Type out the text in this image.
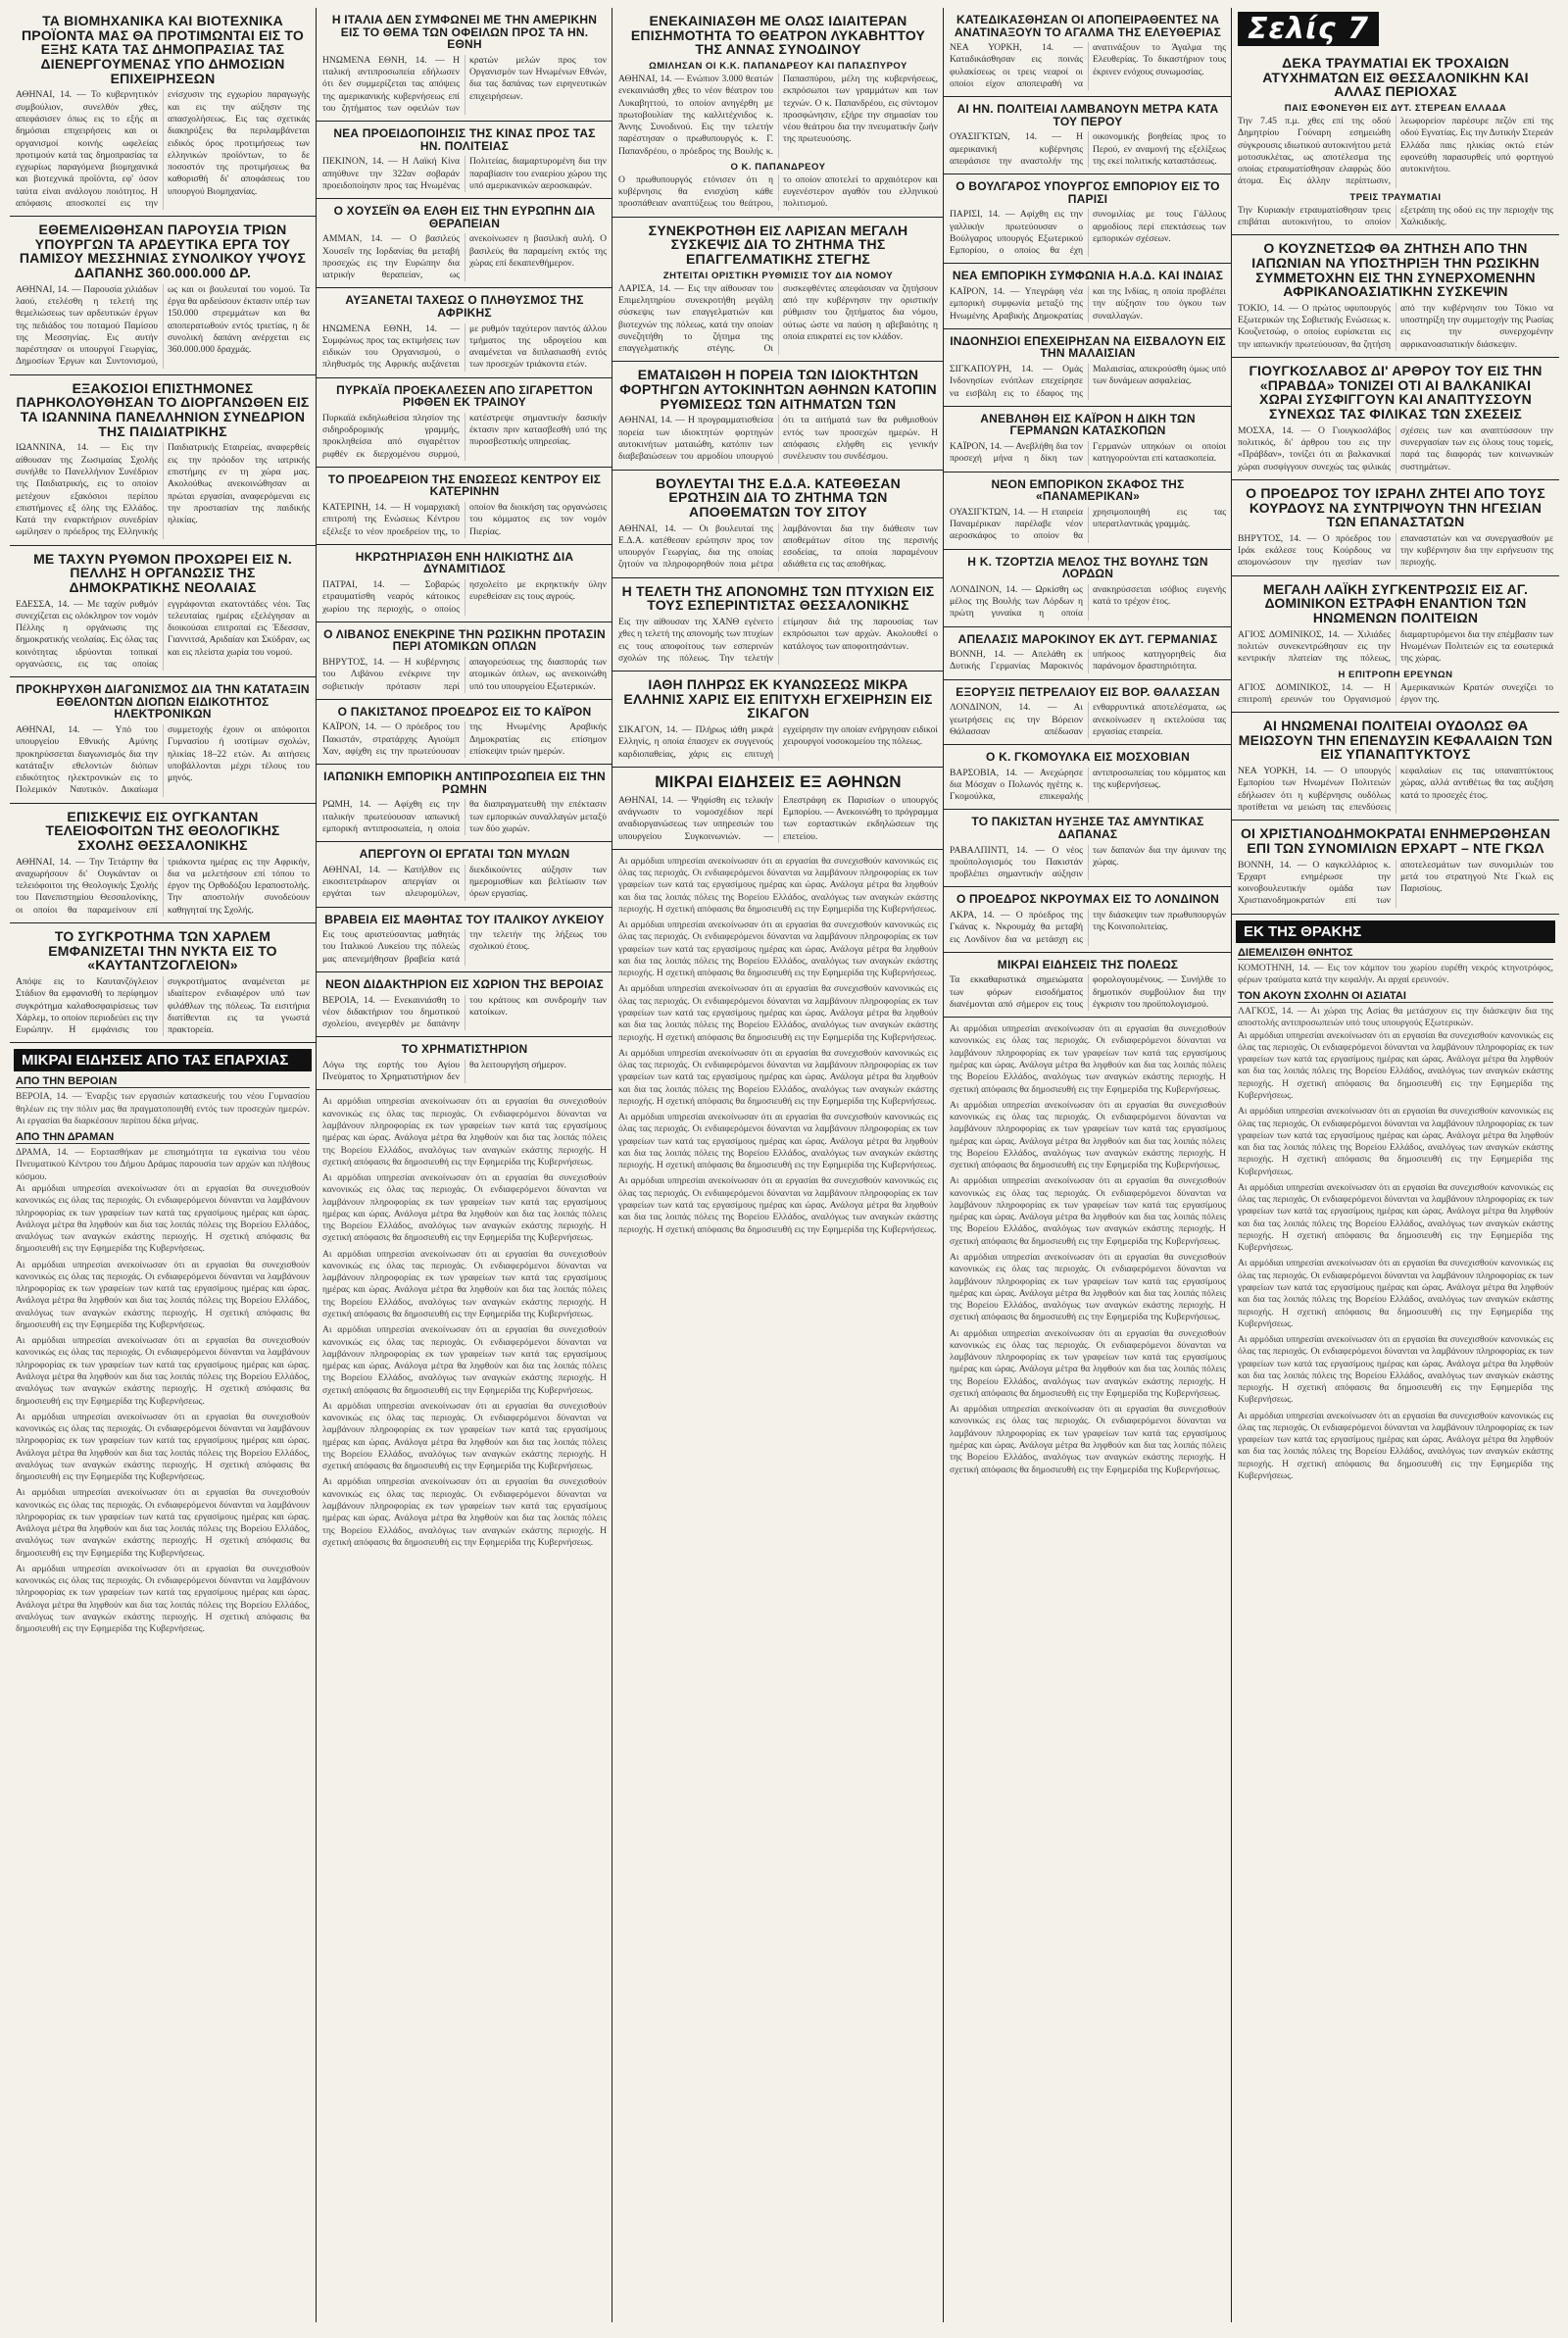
ΤΑ ΒΙΟΜΗΧΑΝΙΚΑ ΚΑΙ ΒΙΟΤΕΧΝΙΚΑ ΠΡΟΪΟΝΤΑ ΜΑΣ ΘΑ ΠΡΟΤΙΜΩΝΤΑΙ ΕΙΣ ΤΟ ΕΞΗΣ ΚΑΤΑ ΤΑΣ ΔΗΜΟΠΡΑΣΙΑΣ ΤΑΣ ΔΙΕΝΕΡΓΟΥΜΕΝΑΣ ΥΠΟ ΔΗΜΟΣΙΩΝ ΕΠΙΧΕΙΡΗΣΕΩΝ
ΑΘΗΝΑΙ, 14. — Το κυβερνητικόν συμβούλιον, συνελθόν χθες, απεφάσισεν όπως εις το εξής αι δημόσιαι επιχειρήσεις και οι οργανισμοί κοινής ωφελείας προτιμούν κατά τας δημοπρασίας τα εγχωρίως παραγόμενα βιομηχανικά και βιοτεχνικά προϊόντα, εφ' όσον ταύτα είναι ανάλογου ποιότητος. Η απόφασις αποσκοπεί εις την ενίσχυσιν της εγχωρίου παραγωγής και εις την αύξησιν της απασχολήσεως. Εις τας σχετικάς διακηρύξεις θα περιλαμβάνεται ειδικός όρος προτιμήσεως των ελληνικών προϊόντων, το δε ποσοστόν της προτιμήσεως θα καθορισθή δι' αποφάσεως του υπουργού Βιομηχανίας.
ΕΘΕΜΕΛΙΩΘΗΣΑΝ ΠΑΡΟΥΣΙΑ ΤΡΙΩΝ ΥΠΟΥΡΓΩΝ ΤΑ ΑΡΔΕΥΤΙΚΑ ΕΡΓΑ ΤΟΥ ΠΑΜΙΣΟΥ ΜΕΣΣΗΝΙΑΣ ΣΥΝΟΛΙΚΟΥ ΥΨΟΥΣ ΔΑΠΑΝΗΣ 360.000.000 ΔΡ.
ΑΘΗΝΑΙ, 14. — Παρουσία χιλιάδων λαού, ετελέσθη η τελετή της θεμελιώσεως των αρδευτικών έργων της πεδιάδος του ποταμού Παμίσου της Μεσσηνίας. Εις αυτήν παρέστησαν οι υπουργοί Γεωργίας, Δημοσίων Έργων και Συντονισμού, ως και οι βουλευταί του νομού. Τα έργα θα αρδεύσουν έκτασιν υπέρ των 150.000 στρεμμάτων και θα αποπερατωθούν εντός τριετίας, η δε συνολική δαπάνη ανέρχεται εις 360.000.000 δραχμάς.
ΕΞΑΚΟΣΙΟΙ ΕΠΙΣΤΗΜΟΝΕΣ ΠΑΡΗΚΟΛΟΥΘΗΣΑΝ ΤΟ ΔΙΟΡΓΑΝΩΘΕΝ ΕΙΣ ΤΑ ΙΩΑΝΝΙΝΑ ΠΑΝΕΛΛΗΝΙΟΝ ΣΥΝΕΔΡΙΟΝ ΤΗΣ ΠΑΙΔΙΑΤΡΙΚΗΣ
ΙΩΑΝΝΙΝΑ, 14. — Εις την αίθουσαν της Ζωσιμαίας Σχολής συνήλθε το Πανελλήνιον Συνέδριον της Παιδιατρικής, εις το οποίον μετέχουν εξακόσιοι περίπου επιστήμονες εξ όλης της Ελλάδος. Κατά την εναρκτήριον συνεδρίαν ωμίλησεν ο πρόεδρος της Ελληνικής Παιδιατρικής Εταιρείας, αναφερθείς εις την πρόοδον της ιατρικής επιστήμης εν τη χώρα μας. Ακολούθως ανεκοινώθησαν αι πρώται εργασίαι, αναφερόμεναι εις την προστασίαν της παιδικής ηλικίας.
ΜΕ ΤΑΧΥΝ ΡΥΘΜΟΝ ΠΡΟΧΩΡΕΙ ΕΙΣ Ν. ΠΕΛΛΗΣ Η ΟΡΓΑΝΩΣΙΣ ΤΗΣ ΔΗΜΟΚΡΑΤΙΚΗΣ ΝΕΟΛΑΙΑΣ
ΕΔΕΣΣΑ, 14. — Με ταχύν ρυθμόν συνεχίζεται εις ολόκληρον τον νομόν Πέλλης η οργάνωσις της δημοκρατικής νεολαίας. Εις όλας τας κοινότητας ιδρύονται τοπικαί οργανώσεις, εις τας οποίας εγγράφονται εκατοντάδες νέοι. Τας τελευταίας ημέρας εξελέγησαν αι διοικούσαι επιτροπαί εις Έδεσσαν, Γιαννιτσά, Αριδαίαν και Σκύδραν, ως και εις πλείστα χωρία του νομού.
ΠΡΟΚΗΡΥΧΘΗ ΔΙΑΓΩΝΙΣΜΟΣ ΔΙΑ ΤΗΝ ΚΑΤΑΤΑΞΙΝ ΕΘΕΛΟΝΤΩΝ ΔΙΟΠΩΝ ΕΙΔΙΚΟΤΗΤΟΣ ΗΛΕΚΤΡΟΝΙΚΩΝ
ΑΘΗΝΑΙ, 14. — Υπό του υπουργείου Εθνικής Αμύνης προκηρύσσεται διαγωνισμός δια την κατάταξιν εθελοντών διόπων ειδικότητος ηλεκτρονικών εις το Πολεμικόν Ναυτικόν. Δικαίωμα συμμετοχής έχουν οι απόφοιτοι Γυμνασίου ή ισοτίμων σχολών, ηλικίας 18–22 ετών. Αι αιτήσεις υποβάλλονται μέχρι τέλους του μηνός.
ΕΠΙΣΚΕΨΙΣ ΕΙΣ ΟΥΓΚΑΝΤΑΝ ΤΕΛΕΙΟΦΟΙΤΩΝ ΤΗΣ ΘΕΟΛΟΓΙΚΗΣ ΣΧΟΛΗΣ ΘΕΣΣΑΛΟΝΙΚΗΣ
ΑΘΗΝΑΙ, 14. — Την Τετάρτην θα αναχωρήσουν δι' Ουγκάνταν οι τελειόφοιτοι της Θεολογικής Σχολής του Πανεπιστημίου Θεσσαλονίκης, οι οποίοι θα παραμείνουν επί τριάκοντα ημέρας εις την Αφρικήν, δια να μελετήσουν επί τόπου το έργον της Ορθοδόξου Ιεραποστολής. Την αποστολήν συνοδεύουν καθηγηταί της Σχολής.
ΤΟ ΣΥΓΚΡΟΤΗΜΑ ΤΩΝ ΧΑΡΛΕΜ ΕΜΦΑΝΙΖΕΤΑΙ ΤΗΝ ΝΥΚΤΑ ΕΙΣ ΤΟ «ΚΑΥΤΑΝΤΖΟΓΛΕΙΟΝ»
Απόψε εις το Καυτανζόγλειον Στάδιον θα εμφανισθή το περίφημον συγκρότημα καλαθοσφαιρίσεως των Χάρλεμ, το οποίον περιοδεύει εις την Ευρώπην. Η εμφάνισις του συγκροτήματος αναμένεται με ιδιαίτερον ενδιαφέρον υπό των φιλάθλων της πόλεως. Τα εισιτήρια διατίθενται εις τα γνωστά πρακτορεία.
ΜΙΚΡΑΙ ΕΙΔΗΣΕΙΣ ΑΠΟ ΤΑΣ ΕΠΑΡΧΙΑΣ
ΑΠΟ ΤΗΝ ΒΕΡΟΙΑΝ
ΒΕΡΟΙΑ, 14. — Έναρξις των εργασιών κατασκευής του νέου Γυμνασίου θηλέων εις την πόλιν μας θα πραγματοποιηθή εντός των προσεχών ημερών. Αι εργασίαι θα διαρκέσουν περίπου δέκα μήνας.
ΑΠΟ ΤΗΝ ΔΡΑΜΑΝ
ΔΡΑΜΑ, 14. — Εορτασθήκαν με επισημότητα τα εγκαίνια του νέου Πνευματικού Κέντρου του Δήμου Δράμας παρουσία των αρχών και πλήθους κόσμου.
Αι αρμόδιαι υπηρεσίαι ανεκοίνωσαν ότι αι εργασίαι θα συνεχισθούν κανονικώς εις όλας τας περιοχάς. Οι ενδιαφερόμενοι δύνανται να λαμβάνουν πληροφορίας εκ των γραφείων των κατά τας εργασίμους ημέρας και ώρας. Ανάλογα μέτρα θα ληφθούν και δια τας λοιπάς πόλεις της Βορείου Ελλάδος, αναλόγως των αναγκών εκάστης περιοχής. Η σχετική απόφασις θα δημοσιευθή εις την Εφημερίδα της Κυβερνήσεως.
Αι αρμόδιαι υπηρεσίαι ανεκοίνωσαν ότι αι εργασίαι θα συνεχισθούν κανονικώς εις όλας τας περιοχάς. Οι ενδιαφερόμενοι δύνανται να λαμβάνουν πληροφορίας εκ των γραφείων των κατά τας εργασίμους ημέρας και ώρας. Ανάλογα μέτρα θα ληφθούν και δια τας λοιπάς πόλεις της Βορείου Ελλάδος, αναλόγως των αναγκών εκάστης περιοχής. Η σχετική απόφασις θα δημοσιευθή εις την Εφημερίδα της Κυβερνήσεως.
Αι αρμόδιαι υπηρεσίαι ανεκοίνωσαν ότι αι εργασίαι θα συνεχισθούν κανονικώς εις όλας τας περιοχάς. Οι ενδιαφερόμενοι δύνανται να λαμβάνουν πληροφορίας εκ των γραφείων των κατά τας εργασίμους ημέρας και ώρας. Ανάλογα μέτρα θα ληφθούν και δια τας λοιπάς πόλεις της Βορείου Ελλάδος, αναλόγως των αναγκών εκάστης περιοχής. Η σχετική απόφασις θα δημοσιευθή εις την Εφημερίδα της Κυβερνήσεως.
Αι αρμόδιαι υπηρεσίαι ανεκοίνωσαν ότι αι εργασίαι θα συνεχισθούν κανονικώς εις όλας τας περιοχάς. Οι ενδιαφερόμενοι δύνανται να λαμβάνουν πληροφορίας εκ των γραφείων των κατά τας εργασίμους ημέρας και ώρας. Ανάλογα μέτρα θα ληφθούν και δια τας λοιπάς πόλεις της Βορείου Ελλάδος, αναλόγως των αναγκών εκάστης περιοχής. Η σχετική απόφασις θα δημοσιευθή εις την Εφημερίδα της Κυβερνήσεως.
Αι αρμόδιαι υπηρεσίαι ανεκοίνωσαν ότι αι εργασίαι θα συνεχισθούν κανονικώς εις όλας τας περιοχάς. Οι ενδιαφερόμενοι δύνανται να λαμβάνουν πληροφορίας εκ των γραφείων των κατά τας εργασίμους ημέρας και ώρας. Ανάλογα μέτρα θα ληφθούν και δια τας λοιπάς πόλεις της Βορείου Ελλάδος, αναλόγως των αναγκών εκάστης περιοχής. Η σχετική απόφασις θα δημοσιευθή εις την Εφημερίδα της Κυβερνήσεως.
Αι αρμόδιαι υπηρεσίαι ανεκοίνωσαν ότι αι εργασίαι θα συνεχισθούν κανονικώς εις όλας τας περιοχάς. Οι ενδιαφερόμενοι δύνανται να λαμβάνουν πληροφορίας εκ των γραφείων των κατά τας εργασίμους ημέρας και ώρας. Ανάλογα μέτρα θα ληφθούν και δια τας λοιπάς πόλεις της Βορείου Ελλάδος, αναλόγως των αναγκών εκάστης περιοχής. Η σχετική απόφασις θα δημοσιευθή εις την Εφημερίδα της Κυβερνήσεως.
Η ΙΤΑΛΙΑ ΔΕΝ ΣΥΜΦΩΝΕΙ ΜΕ ΤΗΝ ΑΜΕΡΙΚΗΝ ΕΙΣ ΤΟ ΘΕΜΑ ΤΩΝ ΟΦΕΙΛΩΝ ΠΡΟΣ ΤΑ ΗΝ. ΕΘΝΗ
ΗΝΩΜΕΝΑ ΕΘΝΗ, 14. — Η ιταλική αντιπροσωπεία εδήλωσεν ότι δεν συμμερίζεται τας απόψεις της αμερικανικής κυβερνήσεως επί του ζητήματος των οφειλών των κρατών μελών προς τον Οργανισμόν των Ηνωμένων Εθνών, δια τας δαπάνας των ειρηνευτικών επιχειρήσεων.
ΝΕΑ ΠΡΟΕΙΔΟΠΟΙΗΣΙΣ ΤΗΣ ΚΙΝΑΣ ΠΡΟΣ ΤΑΣ ΗΝ. ΠΟΛΙΤΕΙΑΣ
ΠΕΚΙΝΟΝ, 14. — Η Λαϊκή Κίνα απηύθυνε την 322αν σοβαράν προειδοποίησιν προς τας Ηνωμένας Πολιτείας, διαμαρτυρομένη δια την παραβίασιν του εναερίου χώρου της υπό αμερικανικών αεροσκαφών.
Ο ΧΟΥΣΕΪΝ ΘΑ ΕΛΘΗ ΕΙΣ ΤΗΝ ΕΥΡΩΠΗΝ ΔΙΑ ΘΕΡΑΠΕΙΑΝ
ΑΜΜΑΝ, 14. — Ο βασιλεύς Χουσεΐν της Ιορδανίας θα μεταβή προσεχώς εις την Ευρώπην δια ιατρικήν θεραπείαν, ως ανεκοίνωσεν η βασιλική αυλή. Ο βασιλεύς θα παραμείνη εκτός της χώρας επί δεκαπενθήμερον.
ΑΥΞΑΝΕΤΑΙ ΤΑΧΕΩΣ Ο ΠΛΗΘΥΣΜΟΣ ΤΗΣ ΑΦΡΙΚΗΣ
ΗΝΩΜΕΝΑ ΕΘΝΗ, 14. — Συμφώνως προς τας εκτιμήσεις των ειδικών του Οργανισμού, ο πληθυσμός της Αφρικής αυξάνεται με ρυθμόν ταχύτερον παντός άλλου τμήματος της υδρογείου και αναμένεται να διπλασιασθή εντός των προσεχών τριάκοντα ετών.
ΠΥΡΚΑΪΑ ΠΡΟΕΚΑΛΕΣΕΝ ΑΠΟ ΣΙΓΑΡΕΤΤΟΝ ΡΙΦΘΕΝ ΕΚ ΤΡΑΙΝΟΥ
Πυρκαϊά εκδηλωθείσα πλησίον της σιδηροδρομικής γραμμής, προκληθείσα από σιγαρέττον ριφθέν εκ διερχομένου συρμού, κατέστρεψε σημαντικήν δασικήν έκτασιν πριν κατασβεσθή υπό της πυροσβεστικής υπηρεσίας.
ΤΟ ΠΡΟΕΔΡΕΙΟΝ ΤΗΣ ΕΝΩΣΕΩΣ ΚΕΝΤΡΟΥ ΕΙΣ ΚΑΤΕΡΙΝΗΝ
ΚΑΤΕΡΙΝΗ, 14. — Η νομαρχιακή επιτροπή της Ενώσεως Κέντρου εξέλεξε το νέον προεδρείον της, το οποίον θα διοικήση τας οργανώσεις του κόμματος εις τον νομόν Πιερίας.
ΗΚΡΩΤΗΡΙΑΣΘΗ ΕΝΗ ΗΛΙΚΙΩΤΗΣ ΔΙΑ ΔΥΝΑΜΙΤΙΔΟΣ
ΠΑΤΡΑΙ, 14. — Σοβαρώς ετραυματίσθη νεαρός κάτοικος χωρίου της περιοχής, ο οποίος ησχολείτο με εκρηκτικήν ύλην ευρεθείσαν εις τους αγρούς.
Ο ΛΙΒΑΝΟΣ ΕΝΕΚΡΙΝΕ ΤΗΝ ΡΩΣΙΚΗΝ ΠΡΟΤΑΣΙΝ ΠΕΡΙ ΑΤΟΜΙΚΩΝ ΟΠΛΩΝ
ΒΗΡΥΤΟΣ, 14. — Η κυβέρνησις του Λιβάνου ενέκρινε την σοβιετικήν πρότασιν περί απαγορεύσεως της διασποράς των ατομικών όπλων, ως ανεκοινώθη υπό του υπουργείου Εξωτερικών.
Ο ΠΑΚΙΣΤΑΝΟΣ ΠΡΟΕΔΡΟΣ ΕΙΣ ΤΟ ΚΑΪΡΟΝ
ΚΑΪΡΟΝ, 14. — Ο πρόεδρος του Πακιστάν, στρατάρχης Αγιούμπ Χαν, αφίχθη εις την πρωτεύουσαν της Ηνωμένης Αραβικής Δημοκρατίας εις επίσημον επίσκεψιν τριών ημερών.
ΙΑΠΩΝΙΚΗ ΕΜΠΟΡΙΚΗ ΑΝΤΙΠΡΟΣΩΠΕΙΑ ΕΙΣ ΤΗΝ ΡΩΜΗΝ
ΡΩΜΗ, 14. — Αφίχθη εις την ιταλικήν πρωτεύουσαν ιαπωνική εμπορική αντιπροσωπεία, η οποία θα διαπραγματευθή την επέκτασιν των εμπορικών συναλλαγών μεταξύ των δύο χωρών.
ΑΠΕΡΓΟΥΝ ΟΙ ΕΡΓΑΤΑΙ ΤΩΝ ΜΥΛΩΝ
ΑΘΗΝΑΙ, 14. — Κατήλθον εις εικοσιτετράωρον απεργίαν οι εργάται των αλευρομύλων, διεκδικούντες αύξησιν των ημερομισθίων και βελτίωσιν των όρων εργασίας.
ΒΡΑΒΕΙΑ ΕΙΣ ΜΑΘΗΤΑΣ ΤΟΥ ΙΤΑΛΙΚΟΥ ΛΥΚΕΙΟΥ
Εις τους αριστεύσαντας μαθητάς του Ιταλικού Λυκείου της πόλεώς μας απενεμήθησαν βραβεία κατά την τελετήν της λήξεως του σχολικού έτους.
ΝΕΟΝ ΔΙΔΑΚΤΗΡΙΟΝ ΕΙΣ ΧΩΡΙΟΝ ΤΗΣ ΒΕΡΟΙΑΣ
ΒΕΡΟΙΑ, 14. — Ενεκαινιάσθη το νέον διδακτήριον του δημοτικού σχολείου, ανεγερθέν με δαπάνην του κράτους και συνδρομήν των κατοίκων.
ΤΟ ΧΡΗΜΑΤΙΣΤΗΡΙΟΝ
Λόγω της εορτής του Αγίου Πνεύματος το Χρηματιστήριον δεν θα λειτουργήση σήμερον.
Αι αρμόδιαι υπηρεσίαι ανεκοίνωσαν ότι αι εργασίαι θα συνεχισθούν κανονικώς εις όλας τας περιοχάς. Οι ενδιαφερόμενοι δύνανται να λαμβάνουν πληροφορίας εκ των γραφείων των κατά τας εργασίμους ημέρας και ώρας. Ανάλογα μέτρα θα ληφθούν και δια τας λοιπάς πόλεις της Βορείου Ελλάδος, αναλόγως των αναγκών εκάστης περιοχής. Η σχετική απόφασις θα δημοσιευθή εις την Εφημερίδα της Κυβερνήσεως.
Αι αρμόδιαι υπηρεσίαι ανεκοίνωσαν ότι αι εργασίαι θα συνεχισθούν κανονικώς εις όλας τας περιοχάς. Οι ενδιαφερόμενοι δύνανται να λαμβάνουν πληροφορίας εκ των γραφείων των κατά τας εργασίμους ημέρας και ώρας. Ανάλογα μέτρα θα ληφθούν και δια τας λοιπάς πόλεις της Βορείου Ελλάδος, αναλόγως των αναγκών εκάστης περιοχής. Η σχετική απόφασις θα δημοσιευθή εις την Εφημερίδα της Κυβερνήσεως.
Αι αρμόδιαι υπηρεσίαι ανεκοίνωσαν ότι αι εργασίαι θα συνεχισθούν κανονικώς εις όλας τας περιοχάς. Οι ενδιαφερόμενοι δύνανται να λαμβάνουν πληροφορίας εκ των γραφείων των κατά τας εργασίμους ημέρας και ώρας. Ανάλογα μέτρα θα ληφθούν και δια τας λοιπάς πόλεις της Βορείου Ελλάδος, αναλόγως των αναγκών εκάστης περιοχής. Η σχετική απόφασις θα δημοσιευθή εις την Εφημερίδα της Κυβερνήσεως.
Αι αρμόδιαι υπηρεσίαι ανεκοίνωσαν ότι αι εργασίαι θα συνεχισθούν κανονικώς εις όλας τας περιοχάς. Οι ενδιαφερόμενοι δύνανται να λαμβάνουν πληροφορίας εκ των γραφείων των κατά τας εργασίμους ημέρας και ώρας. Ανάλογα μέτρα θα ληφθούν και δια τας λοιπάς πόλεις της Βορείου Ελλάδος, αναλόγως των αναγκών εκάστης περιοχής. Η σχετική απόφασις θα δημοσιευθή εις την Εφημερίδα της Κυβερνήσεως.
Αι αρμόδιαι υπηρεσίαι ανεκοίνωσαν ότι αι εργασίαι θα συνεχισθούν κανονικώς εις όλας τας περιοχάς. Οι ενδιαφερόμενοι δύνανται να λαμβάνουν πληροφορίας εκ των γραφείων των κατά τας εργασίμους ημέρας και ώρας. Ανάλογα μέτρα θα ληφθούν και δια τας λοιπάς πόλεις της Βορείου Ελλάδος, αναλόγως των αναγκών εκάστης περιοχής. Η σχετική απόφασις θα δημοσιευθή εις την Εφημερίδα της Κυβερνήσεως.
Αι αρμόδιαι υπηρεσίαι ανεκοίνωσαν ότι αι εργασίαι θα συνεχισθούν κανονικώς εις όλας τας περιοχάς. Οι ενδιαφερόμενοι δύνανται να λαμβάνουν πληροφορίας εκ των γραφείων των κατά τας εργασίμους ημέρας και ώρας. Ανάλογα μέτρα θα ληφθούν και δια τας λοιπάς πόλεις της Βορείου Ελλάδος, αναλόγως των αναγκών εκάστης περιοχής. Η σχετική απόφασις θα δημοσιευθή εις την Εφημερίδα της Κυβερνήσεως.
ΕΝΕΚΑΙΝΙΑΣΘΗ ΜΕ ΟΛΩΣ ΙΔΙΑΙΤΕΡΑΝ ΕΠΙΣΗΜΟΤΗΤΑ ΤΟ ΘΕΑΤΡΟΝ ΛΥΚΑΒΗΤΤΟΥ ΤΗΣ ΑΝΝΑΣ ΣΥΝΟΔΙΝΟΥ
ΩΜΙΛΗΣΑΝ ΟΙ Κ.Κ. ΠΑΠΑΝΔΡΕΟΥ ΚΑΙ ΠΑΠΑΣΠΥΡΟΥ
ΑΘΗΝΑΙ, 14. — Ενώπιον 3.000 θεατών ενεκαινιάσθη χθες το νέον θέατρον του Λυκαβηττού, το οποίον ανηγέρθη με πρωτοβουλίαν της καλλιτέχνιδος κ. Άννης Συνοδινού. Εις την τελετήν παρέστησαν ο πρωθυπουργός κ. Γ. Παπανδρέου, ο πρόεδρος της Βουλής κ. Παπασπύρου, μέλη της κυβερνήσεως, εκπρόσωποι των γραμμάτων και των τεχνών. Ο κ. Παπανδρέου, εις σύντομον προσφώνησιν, εξήρε την σημασίαν του νέου θεάτρου δια την πνευματικήν ζωήν της πρωτευούσης.
Ο Κ. ΠΑΠΑΝΔΡΕΟΥ
Ο πρωθυπουργός ετόνισεν ότι η κυβέρνησις θα ενισχύση κάθε προσπάθειαν αναπτύξεως του θεάτρου, το οποίον αποτελεί το αρχαιότερον και ευγενέστερον αγαθόν του ελληνικού πολιτισμού.
ΣΥΝΕΚΡΟΤΗΘΗ ΕΙΣ ΛΑΡΙΣΑΝ ΜΕΓΑΛΗ ΣΥΣΚΕΨΙΣ ΔΙΑ ΤΟ ΖΗΤΗΜΑ ΤΗΣ ΕΠΑΓΓΕΛΜΑΤΙΚΗΣ ΣΤΕΓΗΣ
ΖΗΤΕΙΤΑΙ ΟΡΙΣΤΙΚΗ ΡΥΘΜΙΣΙΣ ΤΟΥ ΔΙΑ ΝΟΜΟΥ
ΛΑΡΙΣΑ, 14. — Εις την αίθουσαν του Επιμελητηρίου συνεκροτήθη μεγάλη σύσκεψις των επαγγελματιών και βιοτεχνών της πόλεως, κατά την οποίαν συνεζητήθη το ζήτημα της επαγγελματικής στέγης. Οι συσκεφθέντες απεφάσισαν να ζητήσουν από την κυβέρνησιν την οριστικήν ρύθμισιν του ζητήματος δια νόμου, ούτως ώστε να παύση η αβεβαιότης η οποία επικρατεί εις τον κλάδον.
ΕΜΑΤΑΙΩΘΗ Η ΠΟΡΕΙΑ ΤΩΝ ΙΔΙΟΚΤΗΤΩΝ ΦΟΡΤΗΓΩΝ ΑΥΤΟΚΙΝΗΤΩΝ ΑΘΗΝΩΝ ΚΑΤΟΠΙΝ ΡΥΘΜΙΣΕΩΣ ΤΩΝ ΑΙΤΗΜΑΤΩΝ ΤΩΝ
ΑΘΗΝΑΙ, 14. — Η προγραμματισθείσα πορεία των ιδιοκτητών φορτηγών αυτοκινήτων ματαιώθη, κατόπιν των διαβεβαιώσεων του αρμοδίου υπουργού ότι τα αιτήματά των θα ρυθμισθούν εντός των προσεχών ημερών. Η απόφασις ελήφθη εις γενικήν συνέλευσιν του συνδέσμου.
ΒΟΥΛΕΥΤΑΙ ΤΗΣ Ε.Δ.Α. ΚΑΤΕΘΕΣΑΝ ΕΡΩΤΗΣΙΝ ΔΙΑ ΤΟ ΖΗΤΗΜΑ ΤΩΝ ΑΠΟΘΕΜΑΤΩΝ ΤΟΥ ΣΙΤΟΥ
ΑΘΗΝΑΙ, 14. — Οι βουλευταί της Ε.Δ.Α. κατέθεσαν ερώτησιν προς τον υπουργόν Γεωργίας, δια της οποίας ζητούν να πληροφορηθούν ποια μέτρα λαμβάνονται δια την διάθεσιν των αποθεμάτων σίτου της περσινής εσοδείας, τα οποία παραμένουν αδιάθετα εις τας αποθήκας.
Η ΤΕΛΕΤΗ ΤΗΣ ΑΠΟΝΟΜΗΣ ΤΩΝ ΠΤΥΧΙΩΝ ΕΙΣ ΤΟΥΣ ΕΣΠΕΡΙΝΤΙΣΤΑΣ ΘΕΣΣΑΛΟΝΙΚΗΣ
Εις την αίθουσαν της ΧΑΝΘ εγένετο χθες η τελετή της απονομής των πτυχίων εις τους αποφοίτους των εσπερινών σχολών της πόλεως. Την τελετήν ετίμησαν διά της παρουσίας των εκπρόσωποι των αρχών. Ακολουθεί ο κατάλογος των αποφοιτησάντων.
ΙΑΘΗ ΠΛΗΡΩΣ ΕΚ ΚΥΑΝΩΣΕΩΣ ΜΙΚΡΑ ΕΛΛΗΝΙΣ ΧΑΡΙΣ ΕΙΣ ΕΠΙΤΥΧΗ ΕΓΧΕΙΡΗΣΙΝ ΕΙΣ ΣΙΚΑΓΟΝ
ΣΙΚΑΓΟΝ, 14. — Πλήρως ιάθη μικρά Ελληνίς, η οποία έπασχεν εκ συγγενούς καρδιοπαθείας, χάρις εις επιτυχή εγχείρησιν την οποίαν ενήργησαν ειδικοί χειρουργοί νοσοκομείου της πόλεως.
ΜΙΚΡΑΙ ΕΙΔΗΣΕΙΣ ΕΞ ΑΘΗΝΩΝ
ΑΘΗΝΑΙ, 14. — Ψηφίσθη εις τελικήν ανάγνωσιν το νομοσχέδιον περί αναδιοργανώσεως των υπηρεσιών του υπουργείου Συγκοινωνιών. — Επεστράφη εκ Παρισίων ο υπουργός Εμπορίου. — Ανεκοινώθη το πρόγραμμα των εορταστικών εκδηλώσεων της επετείου.
Αι αρμόδιαι υπηρεσίαι ανεκοίνωσαν ότι αι εργασίαι θα συνεχισθούν κανονικώς εις όλας τας περιοχάς. Οι ενδιαφερόμενοι δύνανται να λαμβάνουν πληροφορίας εκ των γραφείων των κατά τας εργασίμους ημέρας και ώρας. Ανάλογα μέτρα θα ληφθούν και δια τας λοιπάς πόλεις της Βορείου Ελλάδος, αναλόγως των αναγκών εκάστης περιοχής. Η σχετική απόφασις θα δημοσιευθή εις την Εφημερίδα της Κυβερνήσεως.
Αι αρμόδιαι υπηρεσίαι ανεκοίνωσαν ότι αι εργασίαι θα συνεχισθούν κανονικώς εις όλας τας περιοχάς. Οι ενδιαφερόμενοι δύνανται να λαμβάνουν πληροφορίας εκ των γραφείων των κατά τας εργασίμους ημέρας και ώρας. Ανάλογα μέτρα θα ληφθούν και δια τας λοιπάς πόλεις της Βορείου Ελλάδος, αναλόγως των αναγκών εκάστης περιοχής. Η σχετική απόφασις θα δημοσιευθή εις την Εφημερίδα της Κυβερνήσεως.
Αι αρμόδιαι υπηρεσίαι ανεκοίνωσαν ότι αι εργασίαι θα συνεχισθούν κανονικώς εις όλας τας περιοχάς. Οι ενδιαφερόμενοι δύνανται να λαμβάνουν πληροφορίας εκ των γραφείων των κατά τας εργασίμους ημέρας και ώρας. Ανάλογα μέτρα θα ληφθούν και δια τας λοιπάς πόλεις της Βορείου Ελλάδος, αναλόγως των αναγκών εκάστης περιοχής. Η σχετική απόφασις θα δημοσιευθή εις την Εφημερίδα της Κυβερνήσεως.
Αι αρμόδιαι υπηρεσίαι ανεκοίνωσαν ότι αι εργασίαι θα συνεχισθούν κανονικώς εις όλας τας περιοχάς. Οι ενδιαφερόμενοι δύνανται να λαμβάνουν πληροφορίας εκ των γραφείων των κατά τας εργασίμους ημέρας και ώρας. Ανάλογα μέτρα θα ληφθούν και δια τας λοιπάς πόλεις της Βορείου Ελλάδος, αναλόγως των αναγκών εκάστης περιοχής. Η σχετική απόφασις θα δημοσιευθή εις την Εφημερίδα της Κυβερνήσεως.
Αι αρμόδιαι υπηρεσίαι ανεκοίνωσαν ότι αι εργασίαι θα συνεχισθούν κανονικώς εις όλας τας περιοχάς. Οι ενδιαφερόμενοι δύνανται να λαμβάνουν πληροφορίας εκ των γραφείων των κατά τας εργασίμους ημέρας και ώρας. Ανάλογα μέτρα θα ληφθούν και δια τας λοιπάς πόλεις της Βορείου Ελλάδος, αναλόγως των αναγκών εκάστης περιοχής. Η σχετική απόφασις θα δημοσιευθή εις την Εφημερίδα της Κυβερνήσεως.
Αι αρμόδιαι υπηρεσίαι ανεκοίνωσαν ότι αι εργασίαι θα συνεχισθούν κανονικώς εις όλας τας περιοχάς. Οι ενδιαφερόμενοι δύνανται να λαμβάνουν πληροφορίας εκ των γραφείων των κατά τας εργασίμους ημέρας και ώρας. Ανάλογα μέτρα θα ληφθούν και δια τας λοιπάς πόλεις της Βορείου Ελλάδος, αναλόγως των αναγκών εκάστης περιοχής. Η σχετική απόφασις θα δημοσιευθή εις την Εφημερίδα της Κυβερνήσεως.
ΚΑΤΕΔΙΚΑΣΘΗΣΑΝ ΟΙ ΑΠΟΠΕΙΡΑΘΕΝΤΕΣ ΝΑ ΑΝΑΤΙΝΑΞΟΥΝ ΤΟ ΑΓΑΛΜΑ ΤΗΣ ΕΛΕΥΘΕΡΙΑΣ
ΝΕΑ ΥΟΡΚΗ, 14. — Καταδικάσθησαν εις ποινάς φυλακίσεως οι τρεις νεαροί οι οποίοι είχον αποπειραθή να ανατινάξουν το Άγαλμα της Ελευθερίας. Το δικαστήριον τους έκρινεν ενόχους συνωμοσίας.
ΑΙ ΗΝ. ΠΟΛΙΤΕΙΑΙ ΛΑΜΒΑΝΟΥΝ ΜΕΤΡΑ ΚΑΤΑ ΤΟΥ ΠΕΡΟΥ
ΟΥΑΣΙΓΚΤΩΝ, 14. — Η αμερικανική κυβέρνησις απεφάσισε την αναστολήν της οικονομικής βοηθείας προς το Περού, εν αναμονή της εξελίξεως της εκεί πολιτικής καταστάσεως.
Ο ΒΟΥΛΓΑΡΟΣ ΥΠΟΥΡΓΟΣ ΕΜΠΟΡΙΟΥ ΕΙΣ ΤΟ ΠΑΡΙΣΙ
ΠΑΡΙΣΙ, 14. — Αφίχθη εις την γαλλικήν πρωτεύουσαν ο Βούλγαρος υπουργός Εξωτερικού Εμπορίου, ο οποίος θα έχη συνομιλίας με τους Γάλλους αρμοδίους περί επεκτάσεως των εμπορικών σχέσεων.
ΝΕΑ ΕΜΠΟΡΙΚΗ ΣΥΜΦΩΝΙΑ Η.Α.Δ. ΚΑΙ ΙΝΔΙΑΣ
ΚΑΪΡΟΝ, 14. — Υπεγράφη νέα εμπορική συμφωνία μεταξύ της Ηνωμένης Αραβικής Δημοκρατίας και της Ινδίας, η οποία προβλέπει την αύξησιν του όγκου των συναλλαγών.
ΙΝΔΟΝΗΣΙΟΙ ΕΠΕΧΕΙΡΗΣΑΝ ΝΑ ΕΙΣΒΑΛΟΥΝ ΕΙΣ ΤΗΝ ΜΑΛΑΙΣΙΑΝ
ΣΙΓΚΑΠΟΥΡΗ, 14. — Ομάς Ινδονησίων ενόπλων επεχείρησε να εισβάλη εις το έδαφος της Μαλαισίας, απεκρούσθη όμως υπό των δυνάμεων ασφαλείας.
ΑΝΕΒΛΗΘΗ ΕΙΣ ΚΑΪΡΟΝ Η ΔΙΚΗ ΤΩΝ ΓΕΡΜΑΝΩΝ ΚΑΤΑΣΚΟΠΩΝ
ΚΑΪΡΟΝ, 14. — Ανεβλήθη δια τον προσεχή μήνα η δίκη των Γερμανών υπηκόων οι οποίοι κατηγορούνται επί κατασκοπεία.
ΝΕΟΝ ΕΜΠΟΡΙΚΟΝ ΣΚΑΦΟΣ ΤΗΣ «ΠΑΝΑΜΕΡΙΚΑΝ»
ΟΥΑΣΙΓΚΤΩΝ, 14. — Η εταιρεία Παναμέρικαν παρέλαβε νέον αεροσκάφος το οποίον θα χρησιμοποιηθή εις τας υπερατλαντικάς γραμμάς.
Η Κ. ΤΖΟΡΤΖΙΑ ΜΕΛΟΣ ΤΗΣ ΒΟΥΛΗΣ ΤΩΝ ΛΟΡΔΩΝ
ΛΟΝΔΙΝΟΝ, 14. — Ωρκίσθη ως μέλος της Βουλής των Λόρδων η πρώτη γυναίκα η οποία ανακηρύσσεται ισόβιος ευγενής κατά το τρέχον έτος.
ΑΠΕΛΑΣΙΣ ΜΑΡΟΚΙΝΟΥ ΕΚ ΔΥΤ. ΓΕΡΜΑΝΙΑΣ
ΒΟΝΝΗ, 14. — Απελάθη εκ Δυτικής Γερμανίας Μαροκινός υπήκοος κατηγορηθείς δια παράνομον δραστηριότητα.
ΕΞΟΡΥΞΙΣ ΠΕΤΡΕΛΑΙΟΥ ΕΙΣ ΒΟΡ. ΘΑΛΑΣΣΑΝ
ΛΟΝΔΙΝΟΝ, 14. — Αι γεωτρήσεις εις την Βόρειον Θάλασσαν απέδωσαν ενθαρρυντικά αποτελέσματα, ως ανεκοίνωσεν η εκτελούσα τας εργασίας εταιρεία.
Ο Κ. ΓΚΟΜΟΥΛΚΑ ΕΙΣ ΜΟΣΧΟΒΙΑΝ
ΒΑΡΣΟΒΙΑ, 14. — Ανεχώρησε δια Μόσχαν ο Πολωνός ηγέτης κ. Γκομούλκα, επικεφαλής αντιπροσωπείας του κόμματος και της κυβερνήσεως.
ΤΟ ΠΑΚΙΣΤΑΝ ΗΥΞΗΣΕ ΤΑΣ ΑΜΥΝΤΙΚΑΣ ΔΑΠΑΝΑΣ
ΡΑΒΑΛΠΙΝΤΙ, 14. — Ο νέος προϋπολογισμός του Πακιστάν προβλέπει σημαντικήν αύξησιν των δαπανών δια την άμυναν της χώρας.
Ο ΠΡΟΕΔΡΟΣ ΝΚΡΟΥΜΑΧ ΕΙΣ ΤΟ ΛΟΝΔΙΝΟΝ
ΑΚΡΑ, 14. — Ο πρόεδρος της Γκάνας κ. Νκρουμάχ θα μεταβή εις Λονδίνον δια να μετάσχη εις την διάσκεψιν των πρωθυπουργών της Κοινοπολιτείας.
ΜΙΚΡΑΙ ΕΙΔΗΣΕΙΣ ΤΗΣ ΠΟΛΕΩΣ
Τα εκκαθαριστικά σημειώματα των φόρων εισοδήματος διανέμονται από σήμερον εις τους φορολογουμένους. — Συνήλθε το δημοτικόν συμβούλιον δια την έγκρισιν του προϋπολογισμού.
Αι αρμόδιαι υπηρεσίαι ανεκοίνωσαν ότι αι εργασίαι θα συνεχισθούν κανονικώς εις όλας τας περιοχάς. Οι ενδιαφερόμενοι δύνανται να λαμβάνουν πληροφορίας εκ των γραφείων των κατά τας εργασίμους ημέρας και ώρας. Ανάλογα μέτρα θα ληφθούν και δια τας λοιπάς πόλεις της Βορείου Ελλάδος, αναλόγως των αναγκών εκάστης περιοχής. Η σχετική απόφασις θα δημοσιευθή εις την Εφημερίδα της Κυβερνήσεως.
Αι αρμόδιαι υπηρεσίαι ανεκοίνωσαν ότι αι εργασίαι θα συνεχισθούν κανονικώς εις όλας τας περιοχάς. Οι ενδιαφερόμενοι δύνανται να λαμβάνουν πληροφορίας εκ των γραφείων των κατά τας εργασίμους ημέρας και ώρας. Ανάλογα μέτρα θα ληφθούν και δια τας λοιπάς πόλεις της Βορείου Ελλάδος, αναλόγως των αναγκών εκάστης περιοχής. Η σχετική απόφασις θα δημοσιευθή εις την Εφημερίδα της Κυβερνήσεως.
Αι αρμόδιαι υπηρεσίαι ανεκοίνωσαν ότι αι εργασίαι θα συνεχισθούν κανονικώς εις όλας τας περιοχάς. Οι ενδιαφερόμενοι δύνανται να λαμβάνουν πληροφορίας εκ των γραφείων των κατά τας εργασίμους ημέρας και ώρας. Ανάλογα μέτρα θα ληφθούν και δια τας λοιπάς πόλεις της Βορείου Ελλάδος, αναλόγως των αναγκών εκάστης περιοχής. Η σχετική απόφασις θα δημοσιευθή εις την Εφημερίδα της Κυβερνήσεως.
Αι αρμόδιαι υπηρεσίαι ανεκοίνωσαν ότι αι εργασίαι θα συνεχισθούν κανονικώς εις όλας τας περιοχάς. Οι ενδιαφερόμενοι δύνανται να λαμβάνουν πληροφορίας εκ των γραφείων των κατά τας εργασίμους ημέρας και ώρας. Ανάλογα μέτρα θα ληφθούν και δια τας λοιπάς πόλεις της Βορείου Ελλάδος, αναλόγως των αναγκών εκάστης περιοχής. Η σχετική απόφασις θα δημοσιευθή εις την Εφημερίδα της Κυβερνήσεως.
Αι αρμόδιαι υπηρεσίαι ανεκοίνωσαν ότι αι εργασίαι θα συνεχισθούν κανονικώς εις όλας τας περιοχάς. Οι ενδιαφερόμενοι δύνανται να λαμβάνουν πληροφορίας εκ των γραφείων των κατά τας εργασίμους ημέρας και ώρας. Ανάλογα μέτρα θα ληφθούν και δια τας λοιπάς πόλεις της Βορείου Ελλάδος, αναλόγως των αναγκών εκάστης περιοχής. Η σχετική απόφασις θα δημοσιευθή εις την Εφημερίδα της Κυβερνήσεως.
Αι αρμόδιαι υπηρεσίαι ανεκοίνωσαν ότι αι εργασίαι θα συνεχισθούν κανονικώς εις όλας τας περιοχάς. Οι ενδιαφερόμενοι δύνανται να λαμβάνουν πληροφορίας εκ των γραφείων των κατά τας εργασίμους ημέρας και ώρας. Ανάλογα μέτρα θα ληφθούν και δια τας λοιπάς πόλεις της Βορείου Ελλάδος, αναλόγως των αναγκών εκάστης περιοχής. Η σχετική απόφασις θα δημοσιευθή εις την Εφημερίδα της Κυβερνήσεως.
Σελίς 7
ΔΕΚΑ ΤΡΑΥΜΑΤΙΑΙ ΕΚ ΤΡΟΧΑΙΩΝ ΑΤΥΧΗΜΑΤΩΝ ΕΙΣ ΘΕΣΣΑΛΟΝΙΚΗΝ ΚΑΙ ΑΛΛΑΣ ΠΕΡΙΟΧΑΣ
ΠΑΙΣ ΕΦΟΝΕΥΘΗ ΕΙΣ ΔΥΤ. ΣΤΕΡΕΑΝ ΕΛΛΑΔΑ
Την 7.45 π.μ. χθες επί της οδού Δημητρίου Γούναρη εσημειώθη σύγκρουσις ιδιωτικού αυτοκινήτου μετά μοτοσυκλέτας, ως αποτέλεσμα της οποίας ετραυματίσθησαν ελαφρώς δύο άτομα. Εις άλλην περίπτωσιν, λεωφορείον παρέσυρε πεζόν επί της οδού Εγνατίας. Εις την Δυτικήν Στερεάν Ελλάδα παις ηλικίας οκτώ ετών εφονεύθη παρασυρθείς υπό φορτηγού αυτοκινήτου.
ΤΡΕΙΣ ΤΡΑΥΜΑΤΙΑΙ
Την Κυριακήν ετραυματίσθησαν τρεις επιβάται αυτοκινήτου, το οποίον εξετράπη της οδού εις την περιοχήν της Χαλκιδικής.
Ο ΚΟΥΖΝΕΤΣΩΦ ΘΑ ΖΗΤΗΣΗ ΑΠΟ ΤΗΝ ΙΑΠΩΝΙΑΝ ΝΑ ΥΠΟΣΤΗΡΙΞΗ ΤΗΝ ΡΩΣΙΚΗΝ ΣΥΜΜΕΤΟΧΗΝ ΕΙΣ ΤΗΝ ΣΥΝΕΡΧΟΜΕΝΗΝ ΑΦΡΙΚΑΝΟΑΣΙΑΤΙΚΗΝ ΣΥΣΚΕΨΙΝ
ΤΟΚΙΟ, 14. — Ο πρώτος υφυπουργός Εξωτερικών της Σοβιετικής Ενώσεως κ. Κουζνετσώφ, ο οποίος ευρίσκεται εις την ιαπωνικήν πρωτεύουσαν, θα ζητήση από την κυβέρνησιν του Τόκιο να υποστηρίξη την συμμετοχήν της Ρωσίας εις την συνερχομένην αφρικανοασιατικήν διάσκεψιν.
ΓΙΟΥΓΚΟΣΛΑΒΟΣ ΔΙ' ΑΡΘΡΟΥ ΤΟΥ ΕΙΣ ΤΗΝ «ΠΡΑΒΔΑ» ΤΟΝΙΖΕΙ ΟΤΙ ΑΙ ΒΑΛΚΑΝΙΚΑΙ ΧΩΡΑΙ ΣΥΣΦΙΓΓΟΥΝ ΚΑΙ ΑΝΑΠΤΥΣΣΟΥΝ ΣΥΝΕΧΩΣ ΤΑΣ ΦΙΛΙΚΑΣ ΤΩΝ ΣΧΕΣΕΙΣ
ΜΟΣΧΑ, 14. — Ο Γιουγκοσλάβος πολιτικός, δι' άρθρου του εις την «Πράβδαν», τονίζει ότι αι βαλκανικαί χώραι συσφίγγουν συνεχώς τας φιλικάς σχέσεις των και αναπτύσσουν την συνεργασίαν των εις όλους τους τομείς, παρά τας διαφοράς των κοινωνικών συστημάτων.
Ο ΠΡΟΕΔΡΟΣ ΤΟΥ ΙΣΡΑΗΛ ΖΗΤΕΙ ΑΠΟ ΤΟΥΣ ΚΟΥΡΔΟΥΣ ΝΑ ΣΥΝΤΡΙΨΟΥΝ ΤΗΝ ΗΓΕΣΙΑΝ ΤΩΝ ΕΠΑΝΑΣΤΑΤΩΝ
ΒΗΡΥΤΟΣ, 14. — Ο πρόεδρος του Ιράκ εκάλεσε τους Κούρδους να απομονώσουν την ηγεσίαν των επαναστατών και να συνεργασθούν με την κυβέρνησιν δια την ειρήνευσιν της περιοχής.
ΜΕΓΑΛΗ ΛΑΪΚΗ ΣΥΓΚΕΝΤΡΩΣΙΣ ΕΙΣ ΑΓ. ΔΟΜΙΝΙΚΟΝ ΕΣΤΡΑΦΗ ΕΝΑΝΤΙΟΝ ΤΩΝ ΗΝΩΜΕΝΩΝ ΠΟΛΙΤΕΙΩΝ
ΑΓΙΟΣ ΔΟΜΙΝΙΚΟΣ, 14. — Χιλιάδες πολιτών συνεκεντρώθησαν εις την κεντρικήν πλατείαν της πόλεως, διαμαρτυρόμενοι δια την επέμβασιν των Ηνωμένων Πολιτειών εις τα εσωτερικά της χώρας.
Η ΕΠΙΤΡΟΠΗ ΕΡΕΥΝΩΝ
ΑΓΙΟΣ ΔΟΜΙΝΙΚΟΣ, 14. — Η επιτροπή ερευνών του Οργανισμού Αμερικανικών Κρατών συνεχίζει το έργον της.
ΑΙ ΗΝΩΜΕΝΑΙ ΠΟΛΙΤΕΙΑΙ ΟΥΔΟΛΩΣ ΘΑ ΜΕΙΩΣΟΥΝ ΤΗΝ ΕΠΕΝΔΥΣΙΝ ΚΕΦΑΛΑΙΩΝ ΤΩΝ ΕΙΣ ΥΠΑΝΑΠΤΥΚΤΟΥΣ
ΝΕΑ ΥΟΡΚΗ, 14. — Ο υπουργός Εμπορίου των Ηνωμένων Πολιτειών εδήλωσεν ότι η κυβέρνησις ουδόλως προτίθεται να μειώση τας επενδύσεις κεφαλαίων εις τας υπαναπτύκτους χώρας, αλλά αντιθέτως θα τας αυξήση κατά το προσεχές έτος.
ΟΙ ΧΡΙΣΤΙΑΝΟΔΗΜΟΚΡΑΤΑΙ ΕΝΗΜΕΡΩΘΗΣΑΝ ΕΠΙ ΤΩΝ ΣΥΝΟΜΙΛΙΩΝ ΕΡΧΑΡΤ – ΝΤΕ ΓΚΩΛ
ΒΟΝΝΗ, 14. — Ο καγκελλάριος κ. Έρχαρτ ενημέρωσε την κοινοβουλευτικήν ομάδα των Χριστιανοδημοκρατών επί των αποτελεσμάτων των συνομιλιών του μετά του στρατηγού Ντε Γκωλ εις Παρισίους.
ΕΚ ΤΗΣ ΘΡΑΚΗΣ
ΔΙΕΜΕΛΙΣΘΗ ΘΝΗΤΟΣ
ΚΟΜΟΤΗΝΗ, 14. — Εις τον κάμπον του χωρίου ευρέθη νεκρός κτηνοτρόφος, φέρων τραύματα κατά την κεφαλήν. Αι αρχαί ερευνούν.
ΤΟΝ ΑΚΟΥΝ ΣΧΟΛΗΝ ΟΙ ΑΣΙΑΤΑΙ
ΛΑΓΚΟΣ, 14. — Αι χώραι της Ασίας θα μετάσχουν εις την διάσκεψιν δια της αποστολής αντιπροσωπειών υπό τους υπουργούς Εξωτερικών.
Αι αρμόδιαι υπηρεσίαι ανεκοίνωσαν ότι αι εργασίαι θα συνεχισθούν κανονικώς εις όλας τας περιοχάς. Οι ενδιαφερόμενοι δύνανται να λαμβάνουν πληροφορίας εκ των γραφείων των κατά τας εργασίμους ημέρας και ώρας. Ανάλογα μέτρα θα ληφθούν και δια τας λοιπάς πόλεις της Βορείου Ελλάδος, αναλόγως των αναγκών εκάστης περιοχής. Η σχετική απόφασις θα δημοσιευθή εις την Εφημερίδα της Κυβερνήσεως.
Αι αρμόδιαι υπηρεσίαι ανεκοίνωσαν ότι αι εργασίαι θα συνεχισθούν κανονικώς εις όλας τας περιοχάς. Οι ενδιαφερόμενοι δύνανται να λαμβάνουν πληροφορίας εκ των γραφείων των κατά τας εργασίμους ημέρας και ώρας. Ανάλογα μέτρα θα ληφθούν και δια τας λοιπάς πόλεις της Βορείου Ελλάδος, αναλόγως των αναγκών εκάστης περιοχής. Η σχετική απόφασις θα δημοσιευθή εις την Εφημερίδα της Κυβερνήσεως.
Αι αρμόδιαι υπηρεσίαι ανεκοίνωσαν ότι αι εργασίαι θα συνεχισθούν κανονικώς εις όλας τας περιοχάς. Οι ενδιαφερόμενοι δύνανται να λαμβάνουν πληροφορίας εκ των γραφείων των κατά τας εργασίμους ημέρας και ώρας. Ανάλογα μέτρα θα ληφθούν και δια τας λοιπάς πόλεις της Βορείου Ελλάδος, αναλόγως των αναγκών εκάστης περιοχής. Η σχετική απόφασις θα δημοσιευθή εις την Εφημερίδα της Κυβερνήσεως.
Αι αρμόδιαι υπηρεσίαι ανεκοίνωσαν ότι αι εργασίαι θα συνεχισθούν κανονικώς εις όλας τας περιοχάς. Οι ενδιαφερόμενοι δύνανται να λαμβάνουν πληροφορίας εκ των γραφείων των κατά τας εργασίμους ημέρας και ώρας. Ανάλογα μέτρα θα ληφθούν και δια τας λοιπάς πόλεις της Βορείου Ελλάδος, αναλόγως των αναγκών εκάστης περιοχής. Η σχετική απόφασις θα δημοσιευθή εις την Εφημερίδα της Κυβερνήσεως.
Αι αρμόδιαι υπηρεσίαι ανεκοίνωσαν ότι αι εργασίαι θα συνεχισθούν κανονικώς εις όλας τας περιοχάς. Οι ενδιαφερόμενοι δύνανται να λαμβάνουν πληροφορίας εκ των γραφείων των κατά τας εργασίμους ημέρας και ώρας. Ανάλογα μέτρα θα ληφθούν και δια τας λοιπάς πόλεις της Βορείου Ελλάδος, αναλόγως των αναγκών εκάστης περιοχής. Η σχετική απόφασις θα δημοσιευθή εις την Εφημερίδα της Κυβερνήσεως.
Αι αρμόδιαι υπηρεσίαι ανεκοίνωσαν ότι αι εργασίαι θα συνεχισθούν κανονικώς εις όλας τας περιοχάς. Οι ενδιαφερόμενοι δύνανται να λαμβάνουν πληροφορίας εκ των γραφείων των κατά τας εργασίμους ημέρας και ώρας. Ανάλογα μέτρα θα ληφθούν και δια τας λοιπάς πόλεις της Βορείου Ελλάδος, αναλόγως των αναγκών εκάστης περιοχής. Η σχετική απόφασις θα δημοσιευθή εις την Εφημερίδα της Κυβερνήσεως.
